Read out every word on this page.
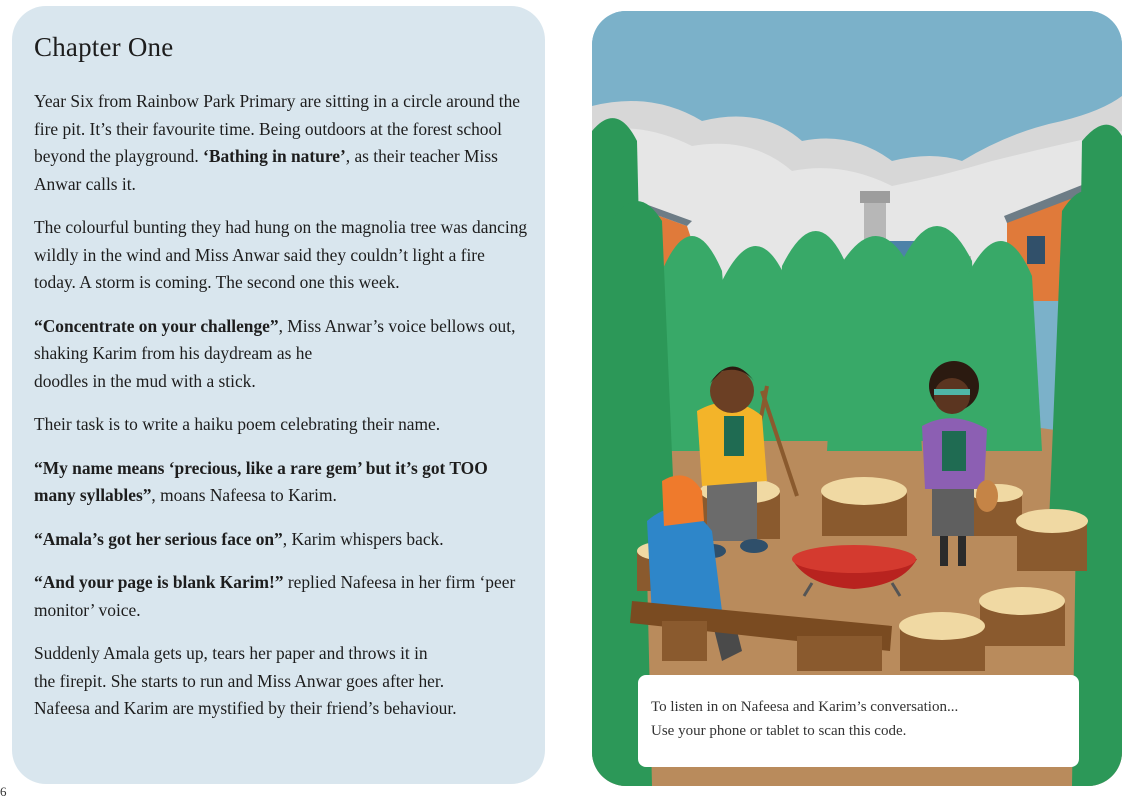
Chapter One

Year Six from Rainbow Park Primary are sitting in a circle around the fire pit. It’s their favourite time. Being outdoors at the forest school beyond the playground. ‘Bathing in nature’, as their teacher Miss Anwar calls it.

The colourful bunting they had hung on the magnolia tree was dancing wildly in the wind and Miss Anwar said they couldn’t light a fire today. A storm is coming. The second one this week.

“Concentrate on your challenge”, Miss Anwar’s voice bellows out, shaking Karim from his daydream as he
doodles in the mud with a stick.

Their task is to write a haiku poem celebrating their name.

“My name means ‘precious, like a rare gem’ but it’s got TOO many syllables”, moans Nafeesa to Karim.

“Amala’s got her serious face on”, Karim whispers back.

“And your page is blank Karim!” replied Nafeesa in her firm ‘peer monitor’ voice.

Suddenly Amala gets up, tears her paper and throws it in
the firepit. She starts to run and Miss Anwar goes after her.
Nafeesa and Karim are mystified by their friend’s behaviour.

6
To listen in on Nafeesa and Karim’s conversation...
Use your phone or tablet to scan this code.
